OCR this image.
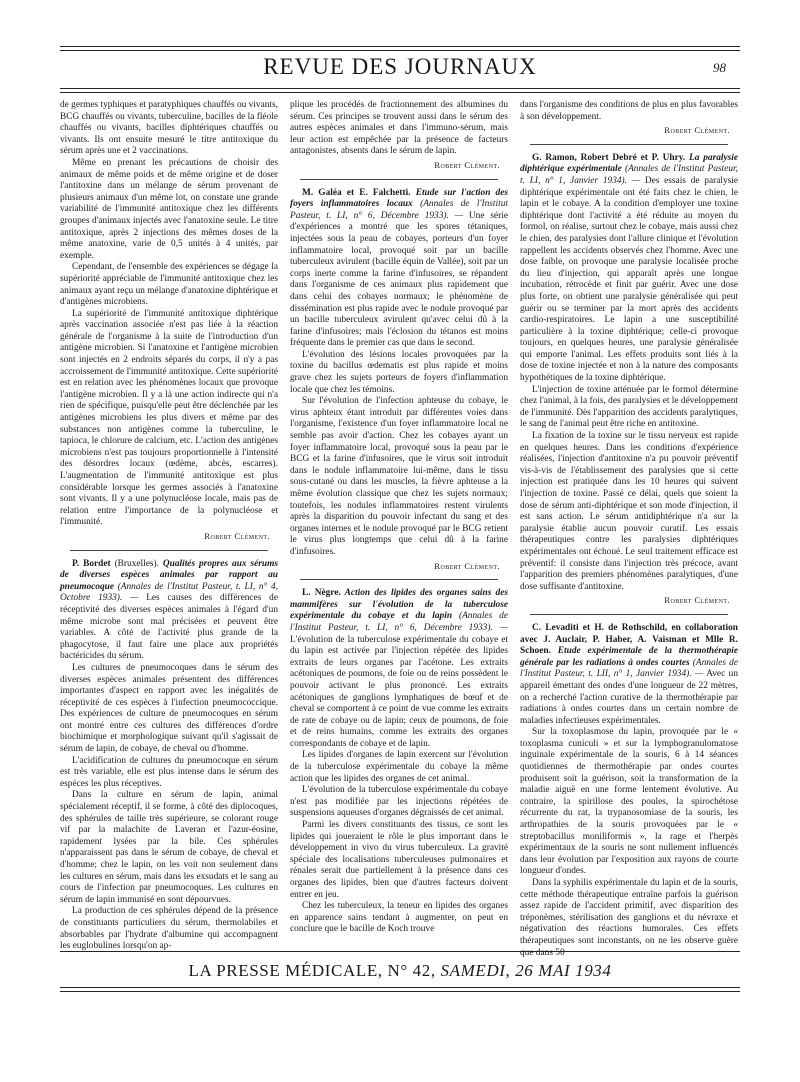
REVUE DES JOURNAUX	98

de germes typhiques et paratyphiques chauffés ou vivants, BCG chauffés ou vivants, tuberculine, bacilles de la fléole chauffés ou vivants, bacilles diphtériques chauffés ou vivants. Ils ont ensuite mesuré le titre antitoxique du sérum après une et 2 vaccinations.

Même en prenant les précautions de choisir des animaux de même poids et de même origine et de doser l'antitoxine dans un mélange de sérum provenant de plusieurs animaux d'un même lot, on constate une grande variabilité de l'immunité antitoxique chez les différents groupes d'animaux injectés avec l'anatoxine seule. Le titre antitoxique, après 2 injections des mêmes doses de la même anatoxine, varie de 0,5 unités à 4 unités, par exemple.

Cependant, de l'ensemble des expériences se dégage la supériorité appréciable de l'immunité antitoxique chez les animaux ayant reçu un mélange d'anatoxine diphtérique et d'antigènes microbiens.

La supériorité de l'immunité antitoxique diphtérique après vaccination associée n'est pas liée à la réaction générale de l'organisme à la suite de l'introduction d'un antigène microbien. Si l'anatoxine et l'antigène microbien sont injectés en 2 endroits séparés du corps, il n'y a pas accroissement de l'immunité antitoxique. Cette supériorité est en relation avec les phénomènes locaux que provoque l'antigène microbien. Il y a là une action indirecte qui n'a rien de spécifique, puisqu'elle peut être déclenchée par les antigènes microbiens les plus divers et même par des substances non antigènes comme la tuberculine, le tapioca, le chlorure de calcium, etc. L'action des antigènes microbiens n'est pas toujours proportionnelle à l'intensité des désordres locaux (œdème, abcès, escarres). L'augmentation de l'immunité antitoxique est plus considérable lorsque les germes associés à l'anatoxine sont vivants. Il y a une polynucléose locale, mais pas de relation entre l'importance de la polynucléose et l'immunité.

Robert Clément.

P. Bordet (Bruxelles). Qualités propres aux sérums de diverses espèces animales par rapport au pneumocoque (Annales de l'Institut Pasteur, t. LI, n° 4, Octobre 1933). — Les causes des différences de réceptivité des diverses espèces animales à l'égard d'un même microbe sont mal précisées et peuvent être variables. A côté de l'activité plus grande de la phagocytose, il faut faire une place aux propriétés bactéricides du sérum.

Les cultures de pneumocoques dans le sérum des diverses espèces animales présentent des différences importantes d'aspect en rapport avec les inégalités de réceptivité de ces espèces à l'infection pneumococcique. Des expériences de culture de pneumocoques en sérum ont montré entre ces cultures des différences d'ordre biochimique et morphologique suivant qu'il s'agissait de sérum de lapin, de cobaye, de cheval ou d'homme.

L'acidification de cultures du pneumocoque en sérum est très variable, elle est plus intense dans le sérum des espèces les plus réceptives.

Dans la culture en sérum de lapin, animal spécialement réceptif, il se forme, à côté des diplocoques, des sphérules de taille très supérieure, se colorant rouge vif par la malachite de Laveran et l'azur-éosine, rapidement lysées par la bile. Ces sphérules n'apparaissent pas dans le sérum de cobaye, de cheval et d'homme; chez le lapin, on les voit non seulement dans les cultures en sérum, mais dans les exsudats et le sang au cours de l'infection par pneumocoques. Les cultures en sérum de lapin immunisé en sont dépourvues.

La production de ces sphérules dépend de la présence de constituants particuliers du sérum, thermolabiles et absorbables par l'hydrate d'albumine qui accompagnent les euglobulines lorsqu'on ap-

plique les procédés de fractionnement des albumines du sérum. Ces principes se trouvent aussi dans le sérum des autres espèces animales et dans l'immuno-sérum, mais leur action est empêchée par la présence de facteurs antagonistes, absents dans le sérum de lapin.

Robert Clément.

M. Galéa et E. Falchetti. Etude sur l'action des foyers inflammatoires locaux (Annales de l'Institut Pasteur, t. LI, n° 6, Décembre 1933). — Une série d'expériences a montré que les spores tétaniques, injectées sous la peau de cobayes, porteurs d'un foyer inflammatoire local, provoqué soit par un bacille tuberculeux avirulent (bacille équin de Vallée), soit par un corps inerte comme la farine d'infusoires, se répandent dans l'organisme de ces animaux plus rapidement que dans celui des cobayes normaux; le phénomène de dissémination est plus rapide avec le nodule provoqué par un bacille tuberculeux avirulent qu'avec celui dû à la farine d'infusoires; mais l'éclosion du tétanos est moins fréquente dans le premier cas que dans le second.

L'évolution des lésions locales provoquées par la toxine du bacillus œdematis est plus rapide et moins grave chez les sujets porteurs de foyers d'inflammation locale que chez les témoins.

Sur l'évolution de l'infection aphteuse du cobaye, le virus aphteux étant introduit par différentes voies dans l'organisme, l'existence d'un foyer inflammatoire local ne semble pas avoir d'action. Chez les cobayes ayant un foyer inflammatoire local, provoqué sous la peau par le BCG et la farine d'infusoires, que le virus soit introduit dans le nodule inflammatoire lui-même, dans le tissu sous-cutané ou dans les muscles, la fièvre aphteuse a la même évolution classique que chez les sujets normaux; toutefois, les nodules inflammatoires restent virulents après la disparition du pouvoir infectant du sang et des organes internes et le nodule provoqué par le BCG retient le virus plus longtemps que celui dû à la farine d'infusoires.

Robert Clément.

L. Nègre. Action des lipides des organes sains des mammifères sur l'évolution de la tuberculose expérimentale du cobaye et du lapin (Annales de l'Institut Pasteur, t. LI, n° 6, Décembre 1933). — L'évolution de la tuberculose expérimentale du cobaye et du lapin est activée par l'injection répétée des lipides extraits de leurs organes par l'acétone. Les extraits acétoniques de poumons, de foie ou de reins possèdent le pouvoir activant le plus prononcé. Les extraits acétoniques de ganglions lymphatiques de bœuf et de cheval se comportent à ce point de vue comme les extraits de rate de cobaye ou de lapin; ceux de poumons, de foie et de reins humains, comme les extraits des organes correspondants de cobaye et de lapin.

Les lipides d'organes de lapin exercent sur l'évolution de la tuberculose expérimentale du cobaye la même action que les lipides des organes de cet animal.

L'évolution de la tuberculose expérimentale du cobaye n'est pas modifiée par les injections répétées de suspensions aqueuses d'organes dégraissés de cet animal.

Parmi les divers constituants des tissus, ce sont les lipides qui joueraient le rôle le plus important dans le développement in vivo du virus tuberculeux. La gravité spéciale des localisations tuberculeuses pulmonaires et rénales serait due partiellement à la présence dans ces organes des lipides, bien que d'autres facteurs doivent entrer en jeu.

Chez les tuberculeux, la teneur en lipides des organes en apparence sains tendant à augmenter, on peut en conclure que le bacille de Koch trouve

dans l'organisme des conditions de plus en plus favorables à son développement.

Robert Clément.

G. Ramon, Robert Debré et P. Uhry. La paralysie diphtérique expérimentale (Annales de l'Institut Pasteur, t. LI, n° 1, Janvier 1934). — Des essais de paralysie diphtérique expérimentale ont été faits chez le chien, le lapin et le cobaye. A la condition d'employer une toxine diphtérique dont l'activité a été réduite au moyen du formol, on réalise, surtout chez le cobaye, mais aussi chez le chien, des paralysies dont l'allure clinique et l'évolution rappellent les accidents observés chez l'homme. Avec une dose faible, on provoque une paralysie localisée proche du lieu d'injection, qui apparaît après une longue incubation, rétrocède et finit par guérir. Avec une dose plus forte, on obtient une paralysie généralisée qui peut guérir ou se terminer par la mort après des accidents cardio-respiratoires. Le lapin a une susceptibilité particulière à la toxine diphtérique; celle-ci provoque toujours, en quelques heures, une paralysie généralisée qui emporte l'animal. Les effets produits sont liés à la dose de toxine injectée et non à la nature des composants hypothétiques de la toxine diphtérique.

L'injection de toxine atténuée par le formol détermine chez l'animal, à la fois, des paralysies et le développement de l'immunité. Dès l'apparition des accidents paralytiques, le sang de l'animal peut être riche en antitoxine.

La fixation de la toxine sur le tissu nerveux est rapide en quelques heures. Dans les conditions d'expérience réalisées, l'injection d'antitoxine n'a pu pouvoir préventif vis-à-vis de l'établissement des paralysies que si cette injection est pratiquée dans les 10 heures qui suivent l'injection de toxine. Passé ce délai, quels que soient la dose de sérum anti-diphtérique et son mode d'injection, il est sans action. Le sérum antidiphtérique n'a sur la paralysie établie aucun pouvoir curatif. Les essais thérapeutiques contre les paralysies diphtériques expérimentales ont échoué. Le seul traitement efficace est préventif: il consiste dans l'injection très précoce, avant l'apparition des premiers phénomènes paralytiques, d'une dose suffisante d'antitoxine.

Robert Clément.

C. Levaditi et H. de Rothschild, en collaboration avec J. Auclair, P. Haber, A. Vaisman et Mlle R. Schoen. Etude expérimentale de la thermothérapie générale par les radiations à ondes courtes (Annales de l'Institut Pasteur, t. LII, n° 1, Janvier 1934). — Avec un appareil émettant des ondes d'une longueur de 22 mètres, on a recherché l'action curative de la thermothérapie par radiations à ondes courtes dans un certain nombre de maladies infectieuses expérimentales.

Sur la toxoplasmose du lapin, provoquée par le « toxoplasma cuniculi » et sur la lymphogranulomatose inguinale expérimentale de la souris, 6 à 14 séances quotidiennes de thermothérapie par ondes courtes produisent soit la guérison, soit la transformation de la maladie aiguë en une forme lentement évolutive. Au contraire, la spirillose des poules, la spirochétose récurrente du rat, la trypanosomiase de la souris, les arthropathies de la souris provoquées par le « streptobacillus moniliformis », la rage et l'herpès expérimentaux de la souris ne sont nullement influencés dans leur évolution par l'exposition aux rayons de courte longueur d'ondes.

Dans la syphilis expérimentale du lapin et de la souris, cette méthode thérapeutique entraîne parfois la guérison assez rapide de l'accident primitif, avec disparition des tréponèmes, stérilisation des ganglions et du névraxe et négativation des réactions humorales. Ces effets thérapeutiques sont inconstants, on ne les observe guère que dans 50

LA PRESSE MÉDICALE, N° 42, SAMEDI, 26 MAI 1934
